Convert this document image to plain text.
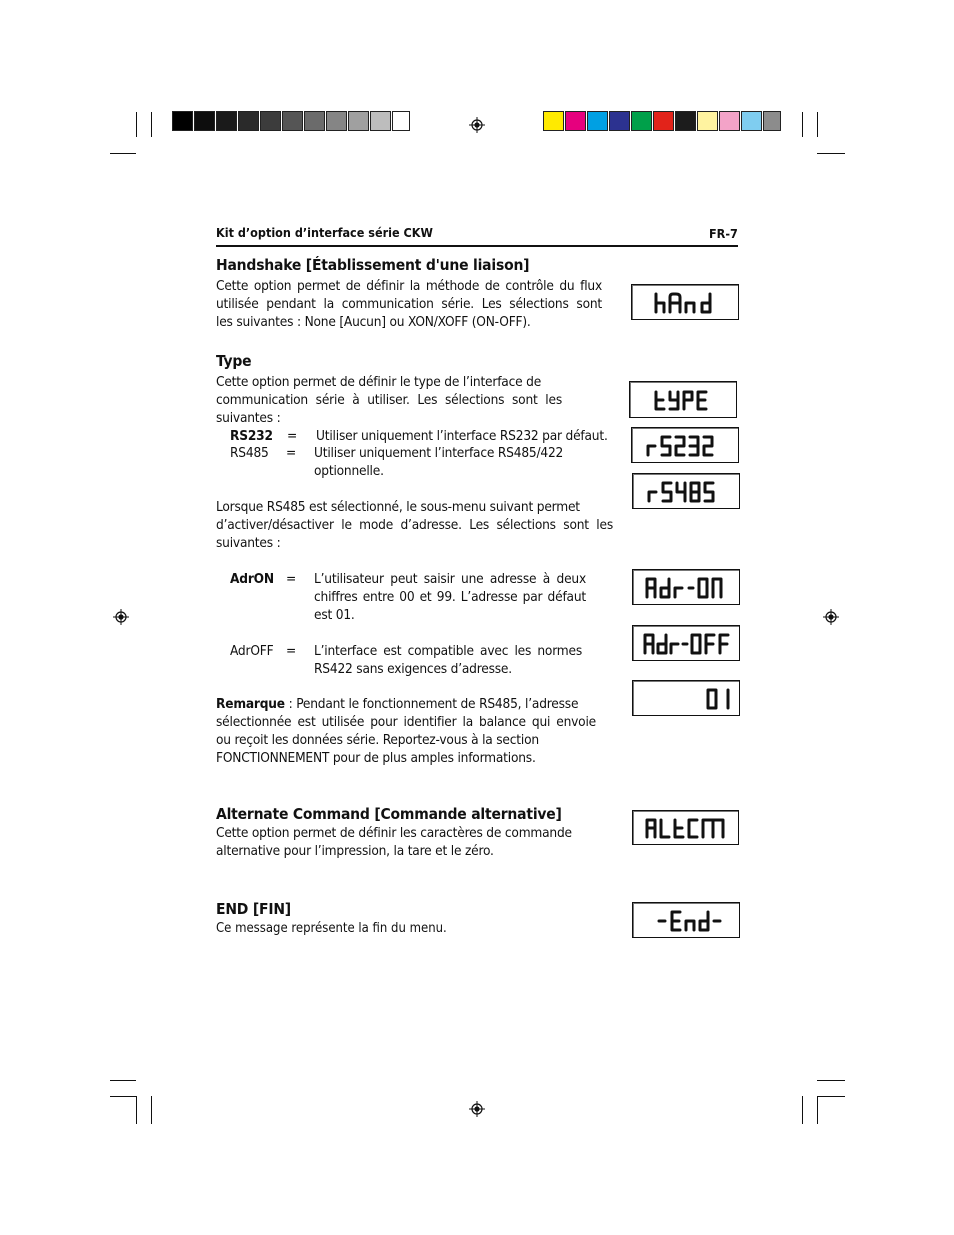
Kit d’option d’interface série CKW	FR-7
Handshake [Établissement d'une liaison]
Cette option permet de définir la méthode de contrôle du flux
utilisée pendant la communication série. Les sélections sont
les suivantes : None [Aucun] ou XON/XOFF (ON-OFF).
Type
Cette option permet de définir le type de l’interface de
communication série à utiliser. Les sélections sont les
suivantes :
RS232 = Utiliser uniquement l’interface RS232 par défaut.
RS485 = Utiliser uniquement l’interface RS485/422
optionnelle.
Lorsque RS485 est sélectionné, le sous-menu suivant permet
d’activer/désactiver le mode d’adresse. Les sélections sont les
suivantes :
AdrON = L’utilisateur peut saisir une adresse à deux
chiffres entre 00 et 99. L’adresse par défaut
est 01.
AdrOFF = L’interface est compatible avec les normes
RS422 sans exigences d’adresse.
Remarque : Pendant le fonctionnement de RS485, l’adresse
sélectionnée est utilisée pour identifier la balance qui envoie
ou reçoit les données série. Reportez-vous à la section
FONCTIONNEMENT pour de plus amples informations.
Alternate Command [Commande alternative]
Cette option permet de définir les caractères de commande
alternative pour l’impression, la tare et le zéro.
END [FIN]
Ce message représente la fin du menu.
